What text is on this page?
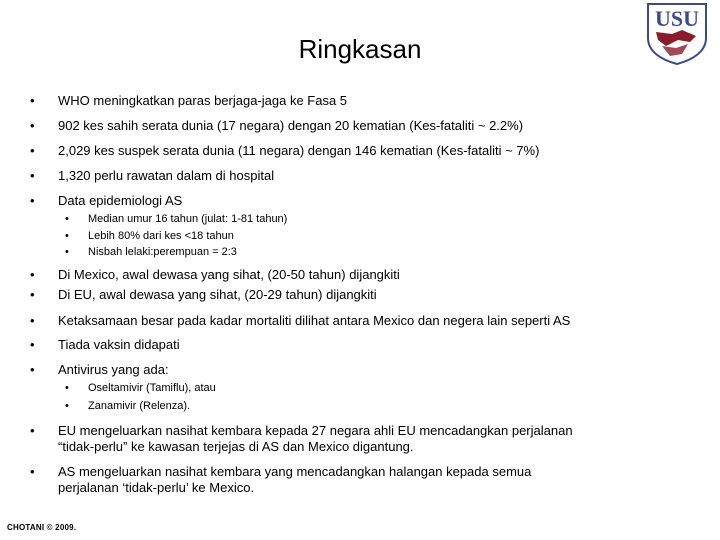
Ringkasan
USU
• WHO meningkatkan paras berjaga-jaga ke Fasa 5
• 902 kes sahih serata dunia (17 negara) dengan 20 kematian (Kes-fataliti ~ 2.2%)
• 2,029 kes suspek serata dunia (11 negara) dengan 146 kematian (Kes-fataliti ~ 7%)
• 1,320 perlu rawatan dalam di hospital
• Data epidemiologi AS
• Median umur 16 tahun (julat: 1-81 tahun)
• Lebih 80% dari kes <18 tahun
• Nisbah lelaki:perempuan = 2:3
• Di Mexico, awal dewasa yang sihat, (20-50 tahun) dijangkiti
• Di EU, awal dewasa yang sihat, (20-29 tahun) dijangkiti
• Ketaksamaan besar pada kadar mortaliti dilihat antara Mexico dan negera lain seperti AS
• Tiada vaksin didapati
• Antivirus yang ada:
• Oseltamivir (Tamiflu), atau
• Zanamivir (Relenza).
• EU mengeluarkan nasihat kembara kepada 27 negara ahli EU mencadangkan perjalanan
“tidak-perlu” ke kawasan terjejas di AS dan Mexico digantung.
• AS mengeluarkan nasihat kembara yang mencadangkan halangan kepada semua
perjalanan ‘tidak-perlu’ ke Mexico.
CHOTANI © 2009.
